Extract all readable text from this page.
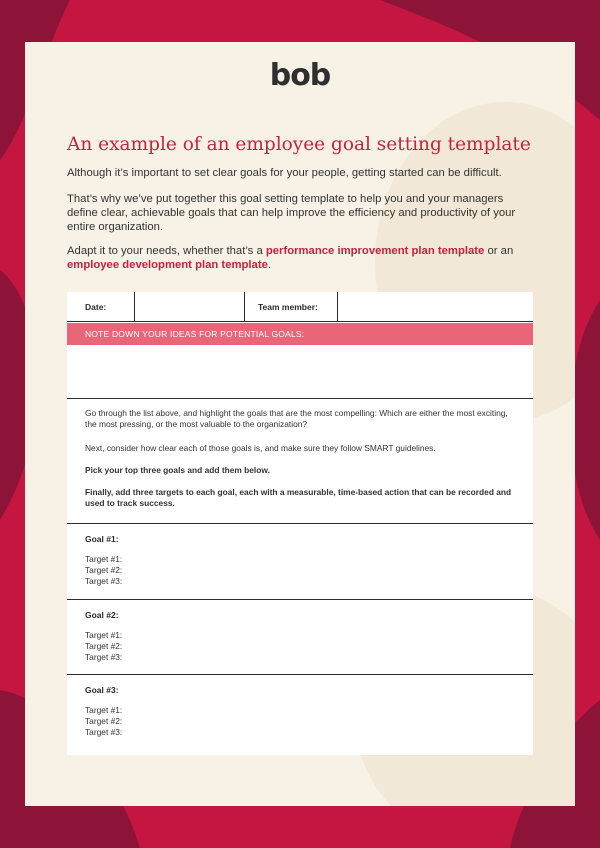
bob
An example of an employee goal setting template

Although it’s important to set clear goals for your people, getting started can be difficult.

That’s why we’ve put together this goal setting template to help you and your managers define clear, achievable goals that can help improve the efficiency and productivity of your entire organization.

Adapt it to your needs, whether that’s a performance improvement plan template or an employee development plan template.

Date:	Team member:
NOTE DOWN YOUR IDEAS FOR POTENTIAL GOALS:

Go through the list above, and highlight the goals that are the most compelling: Which are either the most exciting, the most pressing, or the most valuable to the organization?

Next, consider how clear each of those goals is, and make sure they follow SMART guidelines.

Pick your top three goals and add them below.

Finally, add three targets to each goal, each with a measurable, time-based action that can be recorded and used to track success.

Goal #1:
Target #1:
Target #2:
Target #3:
Goal #2:
Target #1:
Target #2:
Target #3:
Goal #3:
Target #1:
Target #2:
Target #3:
